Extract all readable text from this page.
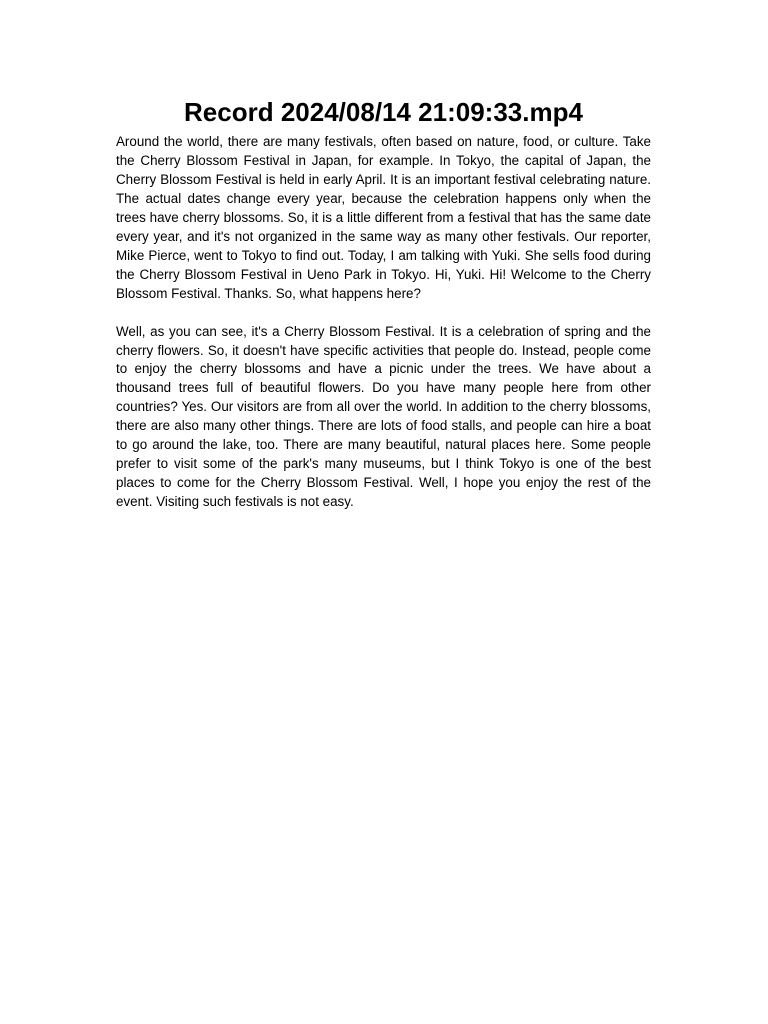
Record 2024/08/14 21:09:33.mp4

Around the world, there are many festivals, often based on nature, food, or culture. Take the Cherry Blossom Festival in Japan, for example. In Tokyo, the capital of Japan, the Cherry Blossom Festival is held in early April. It is an important festival celebrating nature. The actual dates change every year, because the celebration happens only when the trees have cherry blossoms. So, it is a little different from a festival that has the same date every year, and it's not organized in the same way as many other festivals. Our reporter, Mike Pierce, went to Tokyo to find out. Today, I am talking with Yuki. She sells food during the Cherry Blossom Festival in Ueno Park in Tokyo. Hi, Yuki. Hi! Welcome to the Cherry Blossom Festival. Thanks. So, what happens here?

Well, as you can see, it's a Cherry Blossom Festival. It is a celebration of spring and the cherry flowers. So, it doesn't have specific activities that people do. Instead, people come to enjoy the cherry blossoms and have a picnic under the trees. We have about a thousand trees full of beautiful flowers. Do you have many people here from other countries? Yes. Our visitors are from all over the world. In addition to the cherry blossoms, there are also many other things. There are lots of food stalls, and people can hire a boat to go around the lake, too. There are many beautiful, natural places here. Some people prefer to visit some of the park's many museums, but I think Tokyo is one of the best places to come for the Cherry Blossom Festival. Well, I hope you enjoy the rest of the event. Visiting such festivals is not easy.
